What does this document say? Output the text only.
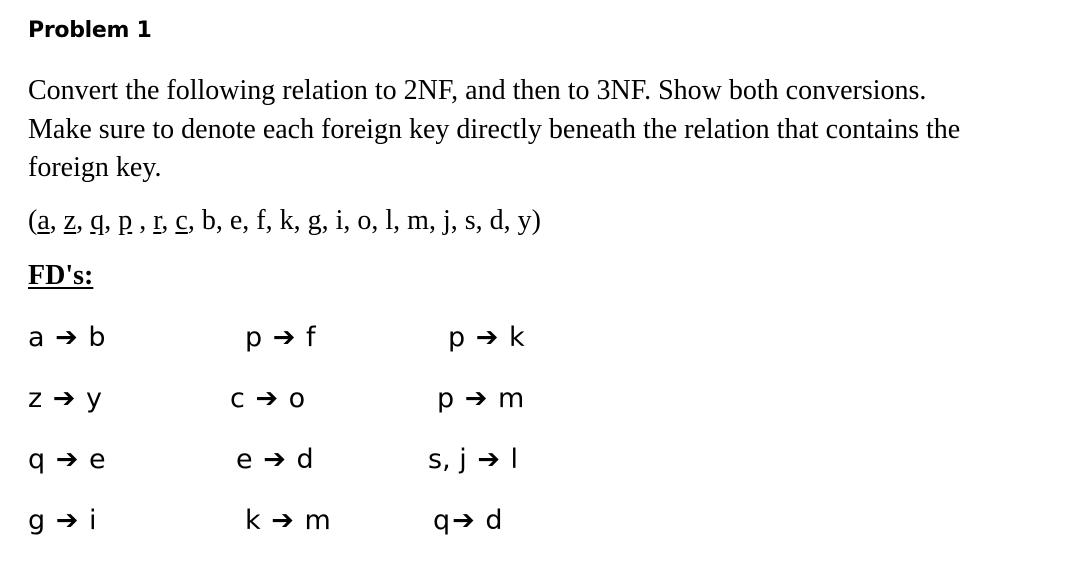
Problem 1
Convert the following relation to 2NF, and then to 3NF. Show both conversions.
Make sure to denote each foreign key directly beneath the relation that contains the
foreign key.
(a, z, q, p , r, c, b, e, f, k, g, i, o, l, m, j, s, d, y)
FD's:
a ➔ b	p ➔ f	p ➔ k
z ➔ y	c ➔ o	p ➔ m
q ➔ e	e ➔ d	s, j ➔ l
g ➔ i	k ➔ m	q➔ d
